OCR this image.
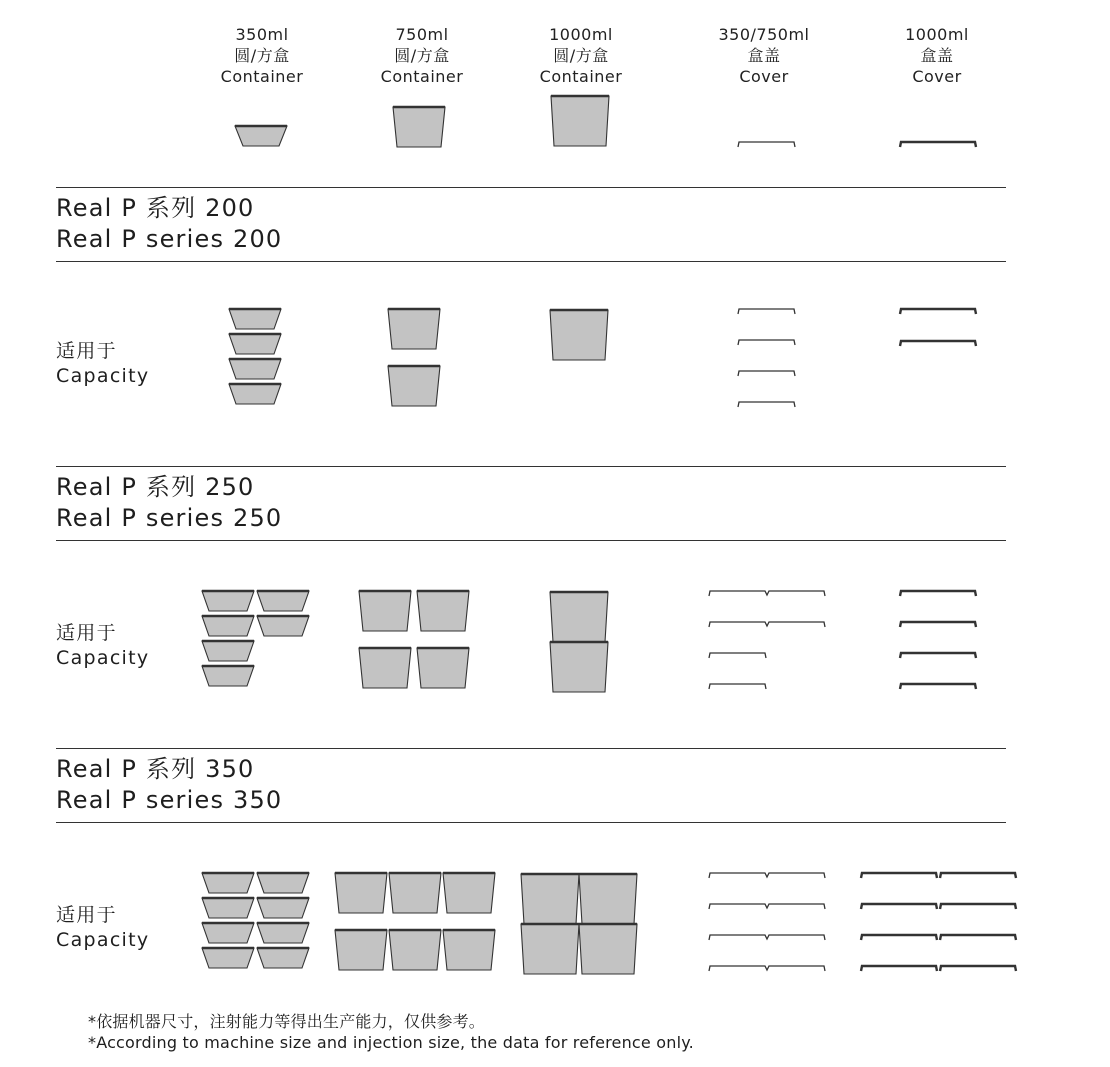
350ml
圆/方盒
Container
750ml
圆/方盒
Container
1000ml
圆/方盒
Container
350/750ml
盒盖
Cover
1000ml
盒盖
Cover
Real P 系列 200
Real P series 200
Real P 系列 250
Real P series 250
Real P 系列 350
Real P series 350
适用于
Capacity
适用于
Capacity
适用于
Capacity
*依据机器尺寸，注射能力等得出生产能力，仅供参考。
*According to machine size and injection size, the data for reference only.
